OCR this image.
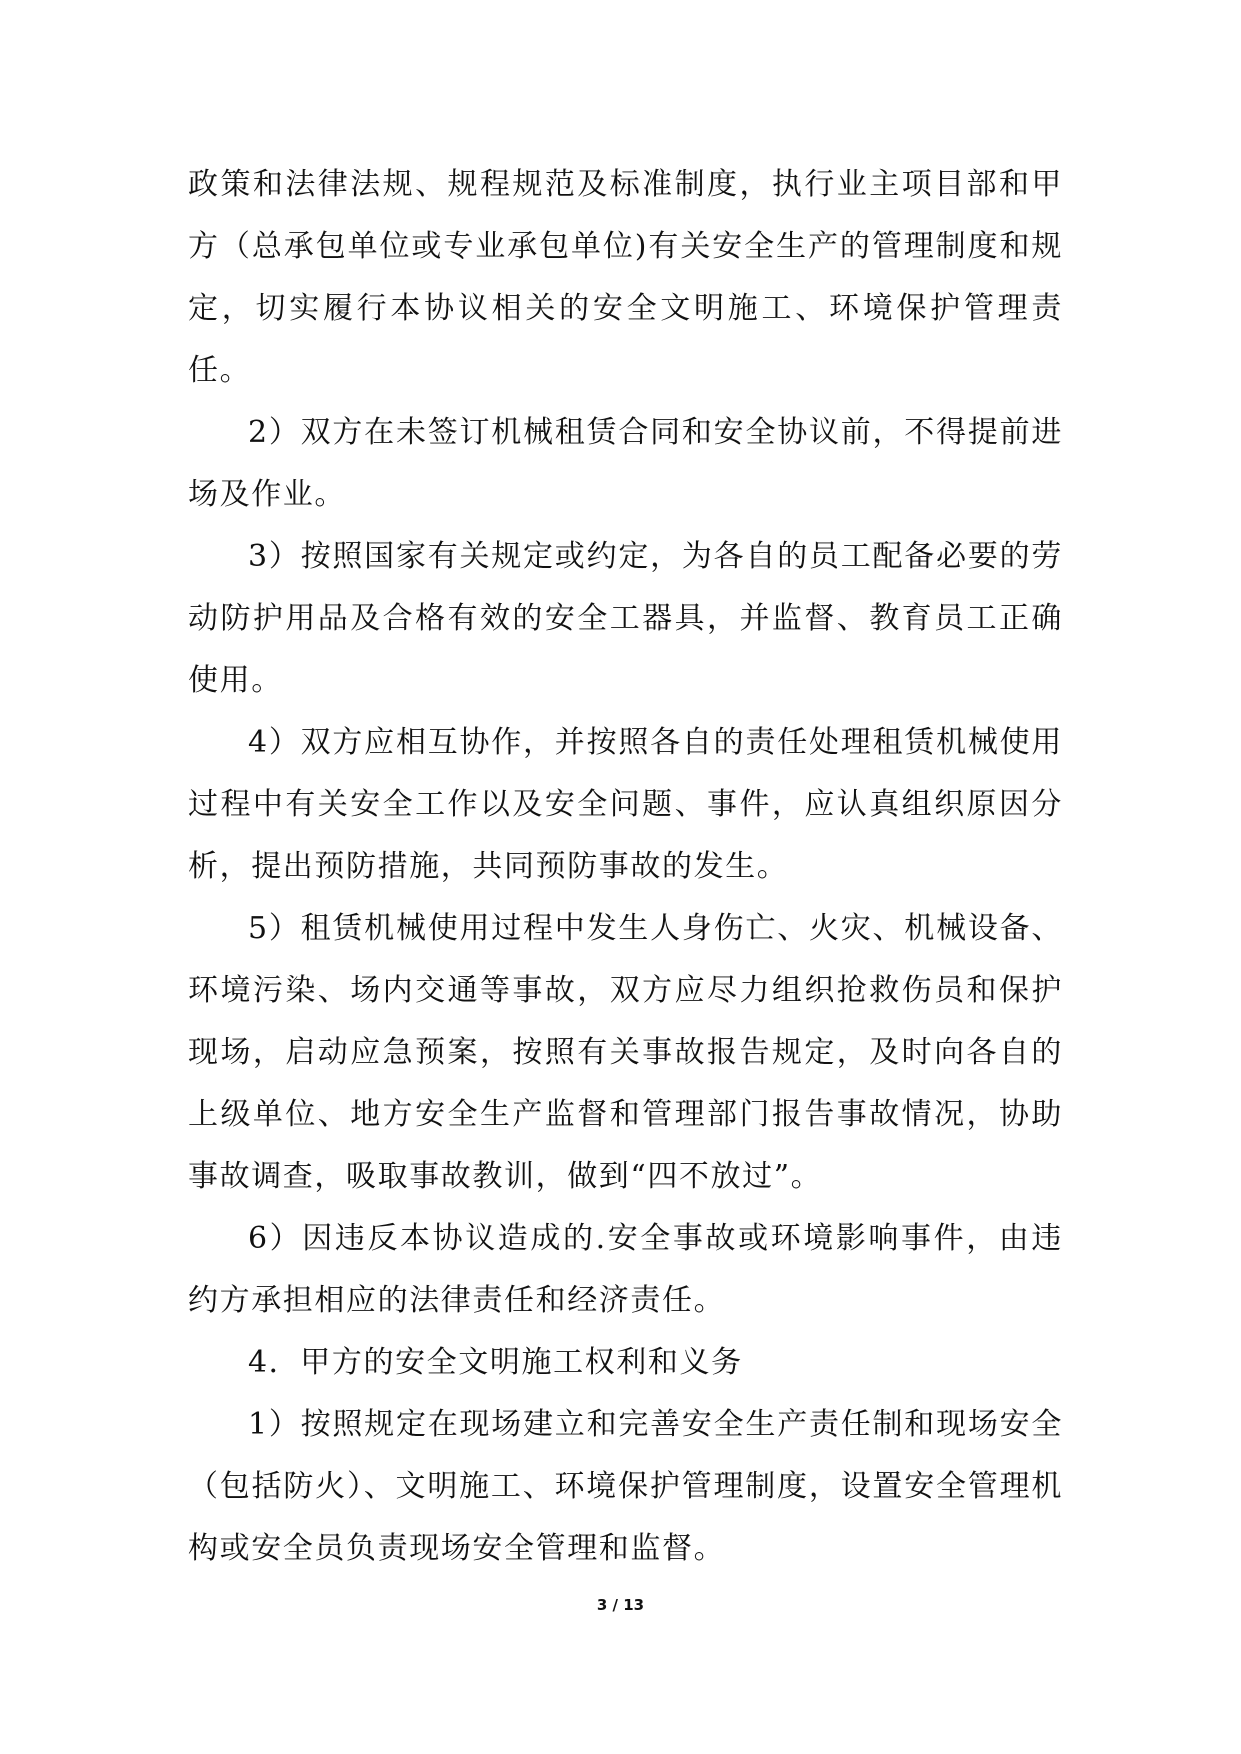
政策和法律法规、规程规范及标准制度，执行业主项目部和甲方（总承包单位或专业承包单位)有关安全生产的管理制度和规定，切实履行本协议相关的安全文明施工、环境保护管理责任。

2）双方在未签订机械租赁合同和安全协议前，不得提前进场及作业。

3）按照国家有关规定或约定，为各自的员工配备必要的劳动防护用品及合格有效的安全工器具，并监督、教育员工正确使用。

4）双方应相互协作，并按照各自的责任处理租赁机械使用过程中有关安全工作以及安全问题、事件，应认真组织原因分析，提出预防措施，共同预防事故的发生。

5）租赁机械使用过程中发生人身伤亡、火灾、机械设备、环境污染、场内交通等事故，双方应尽力组织抢救伤员和保护现场，启动应急预案，按照有关事故报告规定，及时向各自的上级单位、地方安全生产监督和管理部门报告事故情况，协助事故调查，吸取事故教训，做到“四不放过”。

6）因违反本协议造成的.安全事故或环境影响事件，由违约方承担相应的法律责任和经济责任。

4．甲方的安全文明施工权利和义务

1）按照规定在现场建立和完善安全生产责任制和现场安全（包括防火）、文明施工、环境保护管理制度，设置安全管理机构或安全员负责现场安全管理和监督。

3 / 13
